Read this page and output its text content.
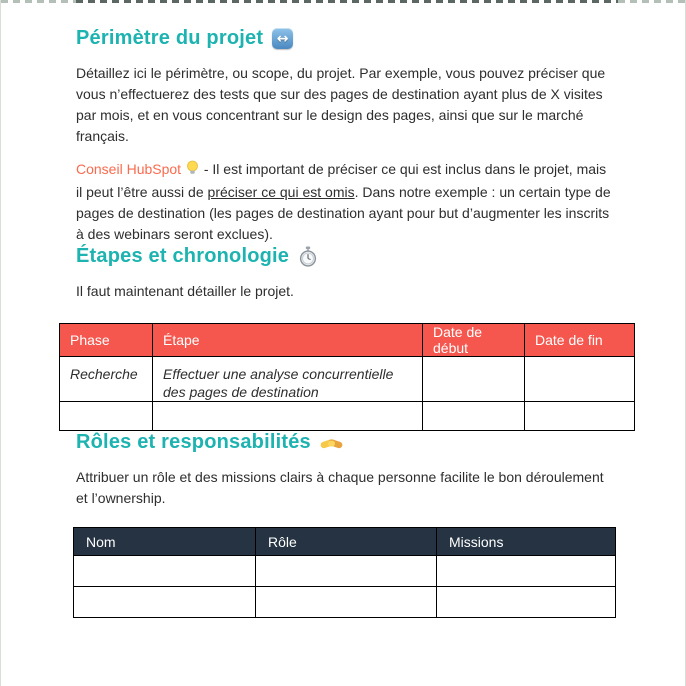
Périmètre du projet ↔

Détaillez ici le périmètre, ou scope, du projet. Par exemple, vous pouvez préciser que vous n’effectuerez des tests que sur des pages de destination ayant plus de X visites par mois, et en vous concentrant sur le design des pages, ainsi que sur le marché français.

Conseil HubSpot  - Il est important de préciser ce qui est inclus dans le projet, mais il peut l’être aussi de préciser ce qui est omis. Dans notre exemple : un certain type de pages de destination (les pages de destination ayant pour but d’augmenter les inscrits à des webinars seront exclues).

Étapes et chronologie

Il faut maintenant détailler le projet.

Phase	Étape	Date de début	Date de fin
Recherche	Effectuer une analyse concurrentielle des pages de destination		

Rôles et responsabilités

Attribuer un rôle et des missions clairs à chaque personne facilite le bon déroulement et l’ownership.

Nom	Rôle	Missions
